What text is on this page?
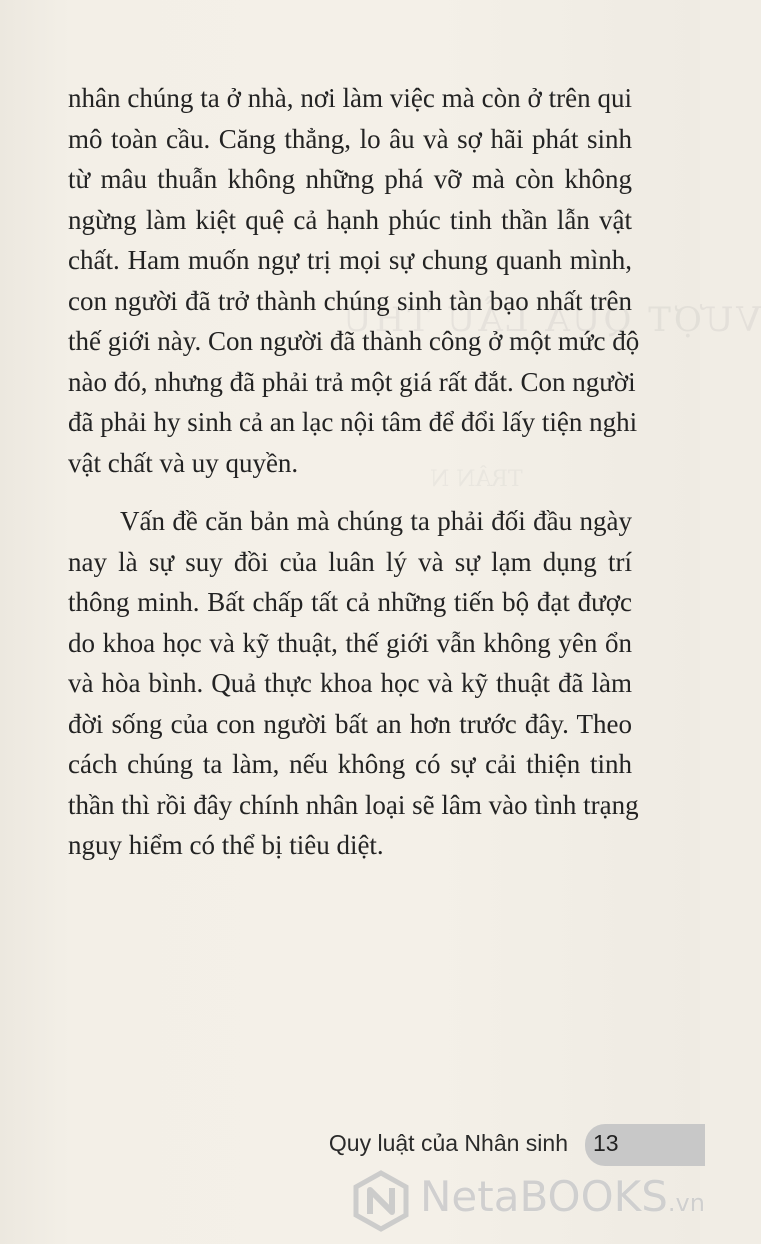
VƯỢT QUA LẦU THỨ
TRÂN N
nhân chúng ta ở nhà, nơi làm việc mà còn ở trên qui
mô toàn cầu. Căng thẳng, lo âu và sợ hãi phát sinh
từ mâu thuẫn không những phá vỡ mà còn không
ngừng làm kiệt quệ cả hạnh phúc tinh thần lẫn vật
chất. Ham muốn ngự trị mọi sự chung quanh mình,
con người đã trở thành chúng sinh tàn bạo nhất trên
thế giới này. Con người đã thành công ở một mức độ
nào đó, nhưng đã phải trả một giá rất đắt. Con người
đã phải hy sinh cả an lạc nội tâm để đổi lấy tiện nghi
vật chất và uy quyền.
Vấn đề căn bản mà chúng ta phải đối đầu ngày
nay là sự suy đồi của luân lý và sự lạm dụng trí
thông minh. Bất chấp tất cả những tiến bộ đạt được
do khoa học và kỹ thuật, thế giới vẫn không yên ổn
và hòa bình. Quả thực khoa học và kỹ thuật đã làm
đời sống của con người bất an hơn trước đây. Theo
cách chúng ta làm, nếu không có sự cải thiện tinh
thần thì rồi đây chính nhân loại sẽ lâm vào tình trạng
nguy hiểm có thể bị tiêu diệt.
Quy luật của Nhân sinh 13
NetaBOOKS.vn
